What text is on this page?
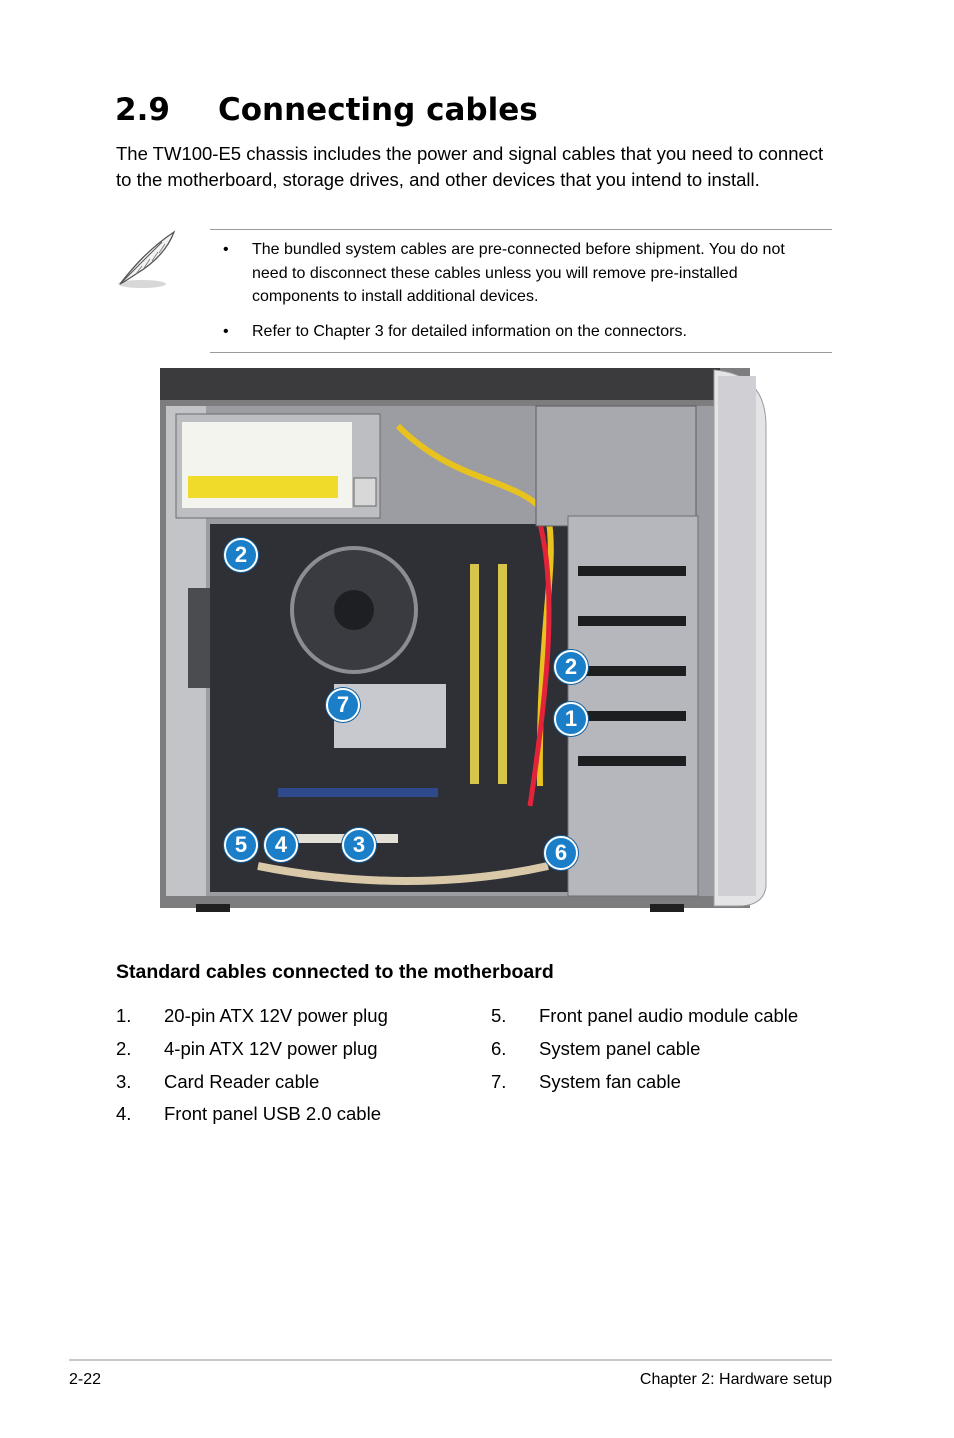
2.9 Connecting cables

The TW100-E5 chassis includes the power and signal cables that you need to connect to the motherboard, storage drives, and other devices that you intend to install.

• The bundled system cables are pre-connected before shipment. You do not need to disconnect these cables unless you will remove pre-installed components to install additional devices.
• Refer to Chapter 3 for detailed information on the connectors.
2
2
7
1
5	4	3	6
Standard cables connected to the motherboard
1. 20-pin ATX 12V power plug
2. 4-pin ATX 12V power plug
3. Card Reader cable
4. Front panel USB 2.0 cable
5. Front panel audio module cable
6. System panel cable
7. System fan cable
2-22	Chapter 2: Hardware setup
